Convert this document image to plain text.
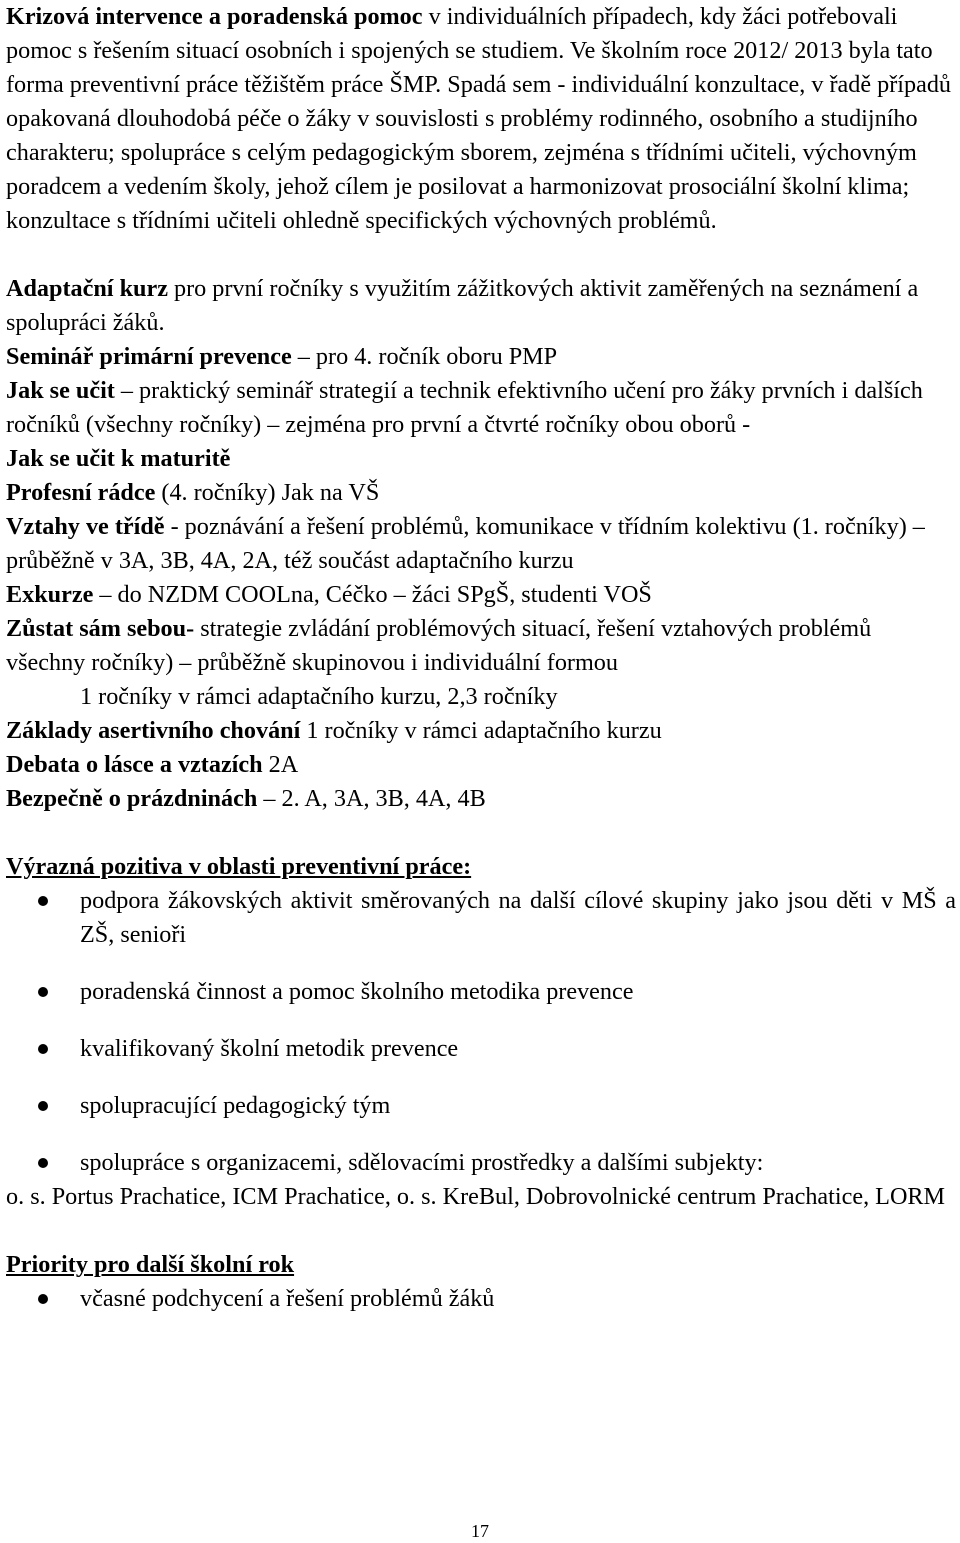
Krizová intervence a poradenská pomoc v individuálních případech, kdy žáci potřebovali pomoc s řešením situací osobních i spojených se studiem. Ve školním roce 2012/ 2013 byla tato forma preventivní práce těžištěm práce ŠMP. Spadá sem - individuální konzultace, v řadě případů opakovaná dlouhodobá péče o žáky v souvislosti s problémy rodinného, osobního a studijního charakteru; spolupráce s celým pedagogickým sborem, zejména s třídními učiteli, výchovným poradcem a vedením školy, jehož cílem je posilovat a harmonizovat prosociální školní klima; konzultace s třídními učiteli ohledně specifických výchovných problémů.

Adaptační kurz pro první ročníky s využitím zážitkových aktivit zaměřených na seznámení a spolupráci žáků.

Seminář primární prevence – pro 4. ročník oboru PMP

Jak se učit – praktický seminář strategií a technik efektivního učení pro žáky prvních i dalších ročníků (všechny ročníky) – zejména pro první a čtvrté ročníky obou oborů -

Jak se učit k maturitě

Profesní rádce (4. ročníky) Jak na VŠ

Vztahy ve třídě - poznávání a řešení problémů, komunikace v třídním kolektivu (1. ročníky) – průběžně v 3A, 3B, 4A, 2A, též součást adaptačního kurzu

Exkurze – do NZDM COOLna, Céčko – žáci SPgŠ, studenti VOŠ

Zůstat sám sebou- strategie zvládání problémových situací, řešení vztahových problémů všechny ročníky) – průběžně skupinovou i individuální formou

1 ročníky v rámci adaptačního kurzu, 2,3 ročníky

Základy asertivního chování 1 ročníky v rámci adaptačního kurzu

Debata o lásce a vztazích 2A

Bezpečně o prázdninách – 2. A, 3A, 3B, 4A, 4B

Výrazná pozitiva v oblasti preventivní práce:

podpora žákovských aktivit směrovaných na další cílové skupiny jako jsou děti v MŠ a ZŠ, senioři
poradenská činnost a pomoc školního metodika prevence
kvalifikovaný školní metodik prevence
spolupracující pedagogický tým
spolupráce s organizacemi, sdělovacími prostředky a dalšími subjekty:

o. s. Portus Prachatice, ICM Prachatice, o. s. KreBul, Dobrovolnické centrum Prachatice, LORM

Priority pro další školní rok

včasné podchycení a řešení problémů žáků
17
